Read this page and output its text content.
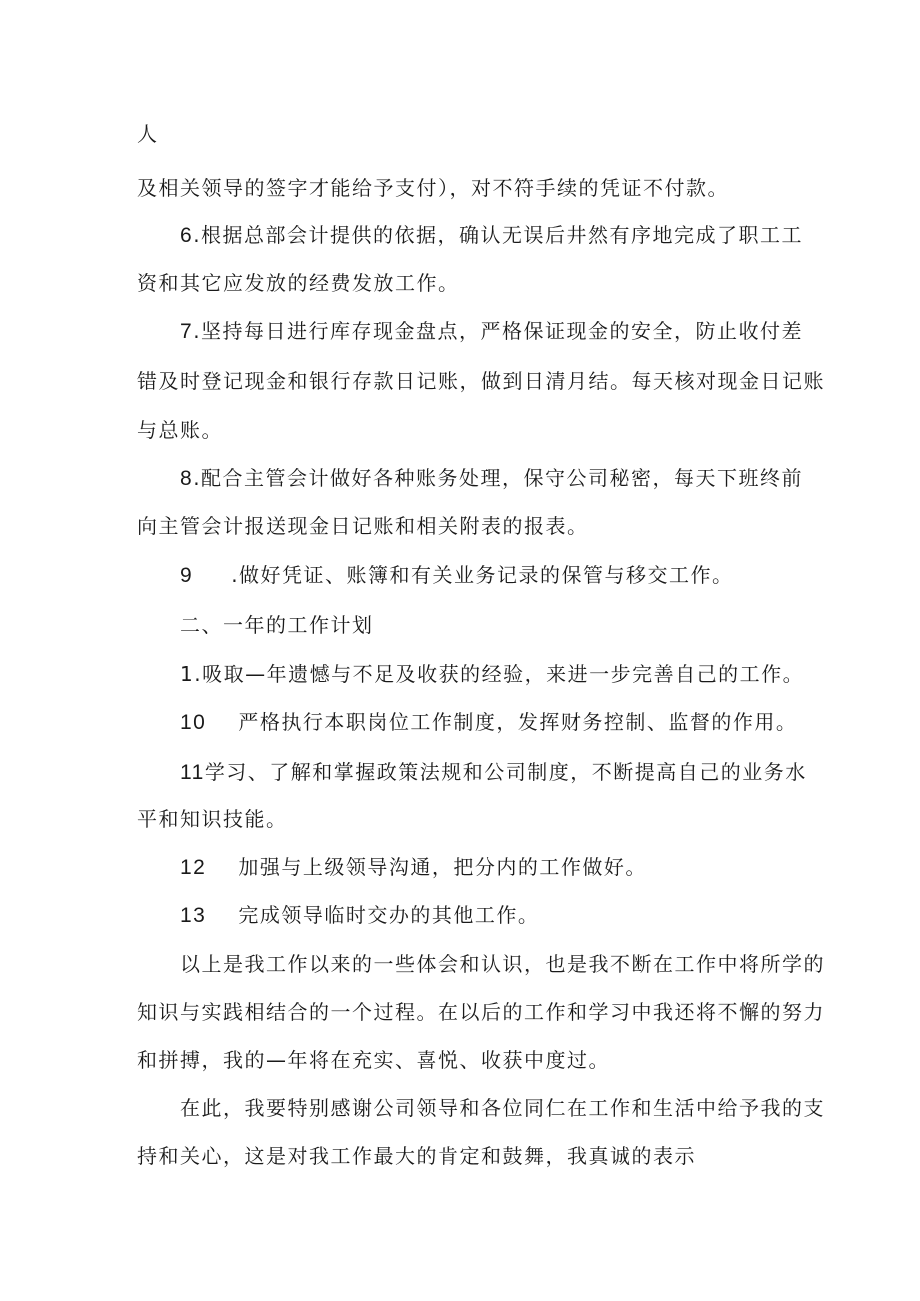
人
及相关领导的签字才能给予支付），对不符手续的凭证不付款。
6.根据总部会计提供的依据，确认无误后井然有序地完成了职工工
资和其它应发放的经费发放工作。
7.坚持每日进行库存现金盘点，严格保证现金的安全，防止收付差
错及时登记现金和银行存款日记账，做到日清月结。每天核对现金日记账
与总账。
8.配合主管会计做好各种账务处理，保守公司秘密，每天下班终前
向主管会计报送现金日记账和相关附表的报表。
9 .做好凭证、账簿和有关业务记录的保管与移交工作。
二、一年的工作计划
1.吸取—年遗憾与不足及收获的经验，来进一步完善自己的工作。
10 严格执行本职岗位工作制度，发挥财务控制、监督的作用。
11学习、了解和掌握政策法规和公司制度，不断提高自己的业务水
平和知识技能。
12 加强与上级领导沟通，把分内的工作做好。
13 完成领导临时交办的其他工作。
以上是我工作以来的一些体会和认识，也是我不断在工作中将所学的
知识与实践相结合的一个过程。在以后的工作和学习中我还将不懈的努力
和拼搏，我的—年将在充实、喜悦、收获中度过。
在此，我要特别感谢公司领导和各位同仁在工作和生活中给予我的支
持和关心，这是对我工作最大的肯定和鼓舞，我真诚的表示
